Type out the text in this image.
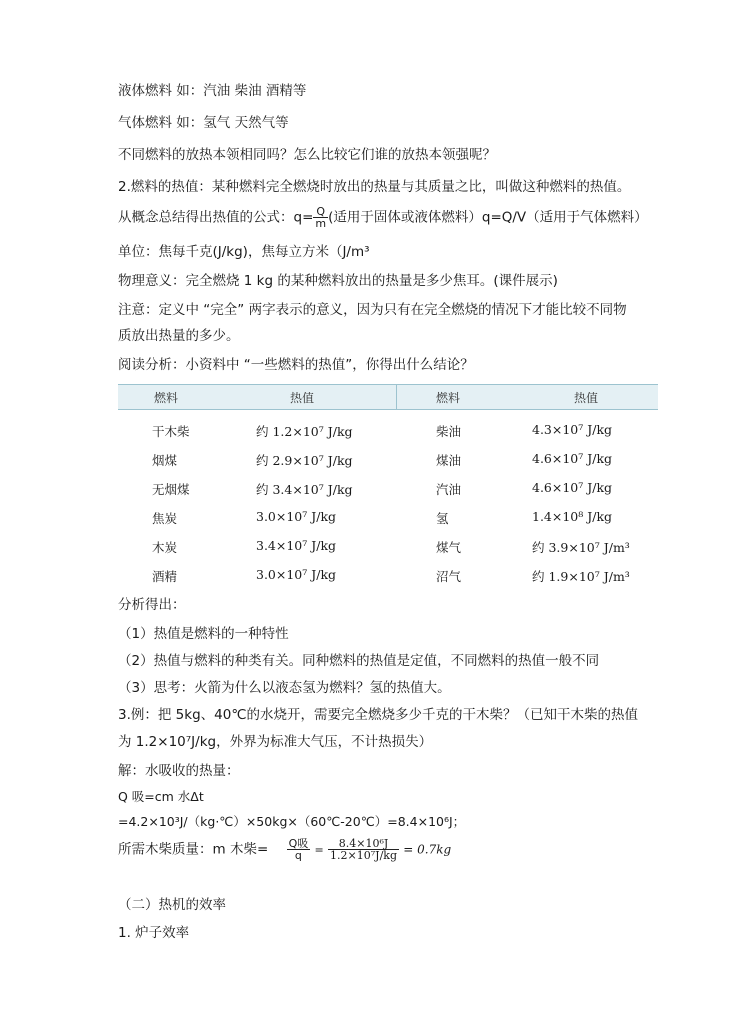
液体燃料 如：汽油 柴油 酒精等
气体燃料 如：氢气 天然气等
不同燃料的放热本领相同吗？怎么比较它们谁的放热本领强呢？
2.燃料的热值：某种燃料完全燃烧时放出的热量与其质量之比，叫做这种燃料的热值。
从概念总结得出热值的公式：$q= \frac{Q}{m}$ (适用于固体或液体燃料）q=Q/V（适用于气体燃料）
单位：焦每千克(J/kg)，焦每立方米（J/m³
物理意义：完全燃烧 1 kg 的某种燃料放出的热量是多少焦耳。(课件展示)
注意：定义中 “完全” 两字表示的意义，因为只有在完全燃烧的情况下才能比较不同物
质放出热量的多少。
阅读分析：小资料中 “一些燃料的热值”，你得出什么结论？
燃料	热值	燃料	热值
干木柴	约 1.2×10⁷ J/kg	柴油	4.3×10⁷ J/kg
烟煤	约 2.9×10⁷ J/kg	煤油	4.6×10⁷ J/kg
无烟煤	约 3.4×10⁷ J/kg	汽油	4.6×10⁷ J/kg
焦炭	3.0×10⁷ J/kg	氢	1.4×10⁸ J/kg
木炭	3.4×10⁷ J/kg	煤气	约 3.9×10⁷ J/m³
酒精	3.0×10⁷ J/kg	沼气	约 1.9×10⁷ J/m³
分析得出：
（1）热值是燃料的一种特性
（2）热值与燃料的种类有关。同种燃料的热值是定值，不同燃料的热值一般不同
（3）思考：火箭为什么以液态氢为燃料？氢的热值大。
3.例：把 5kg、40℃的水烧开，需要完全燃烧多少千克的干木柴？（已知干木柴的热值
为 1.2×10⁷J/kg，外界为标准大气压，不计热损失）
解：水吸收的热量：
Q 吸=cm 水Δt
=4.2×10³J/（kg·℃）×50kg×（60℃-20℃）=8.4×10⁶J；
所需木柴质量：m 木柴= $\frac{\text{Q吸}}{q} = \frac{\text{8.4×10⁶J}}{\text{1.2×10⁷J/kg}} = 0.7kg$
（二）热机的效率
1. 炉子效率
